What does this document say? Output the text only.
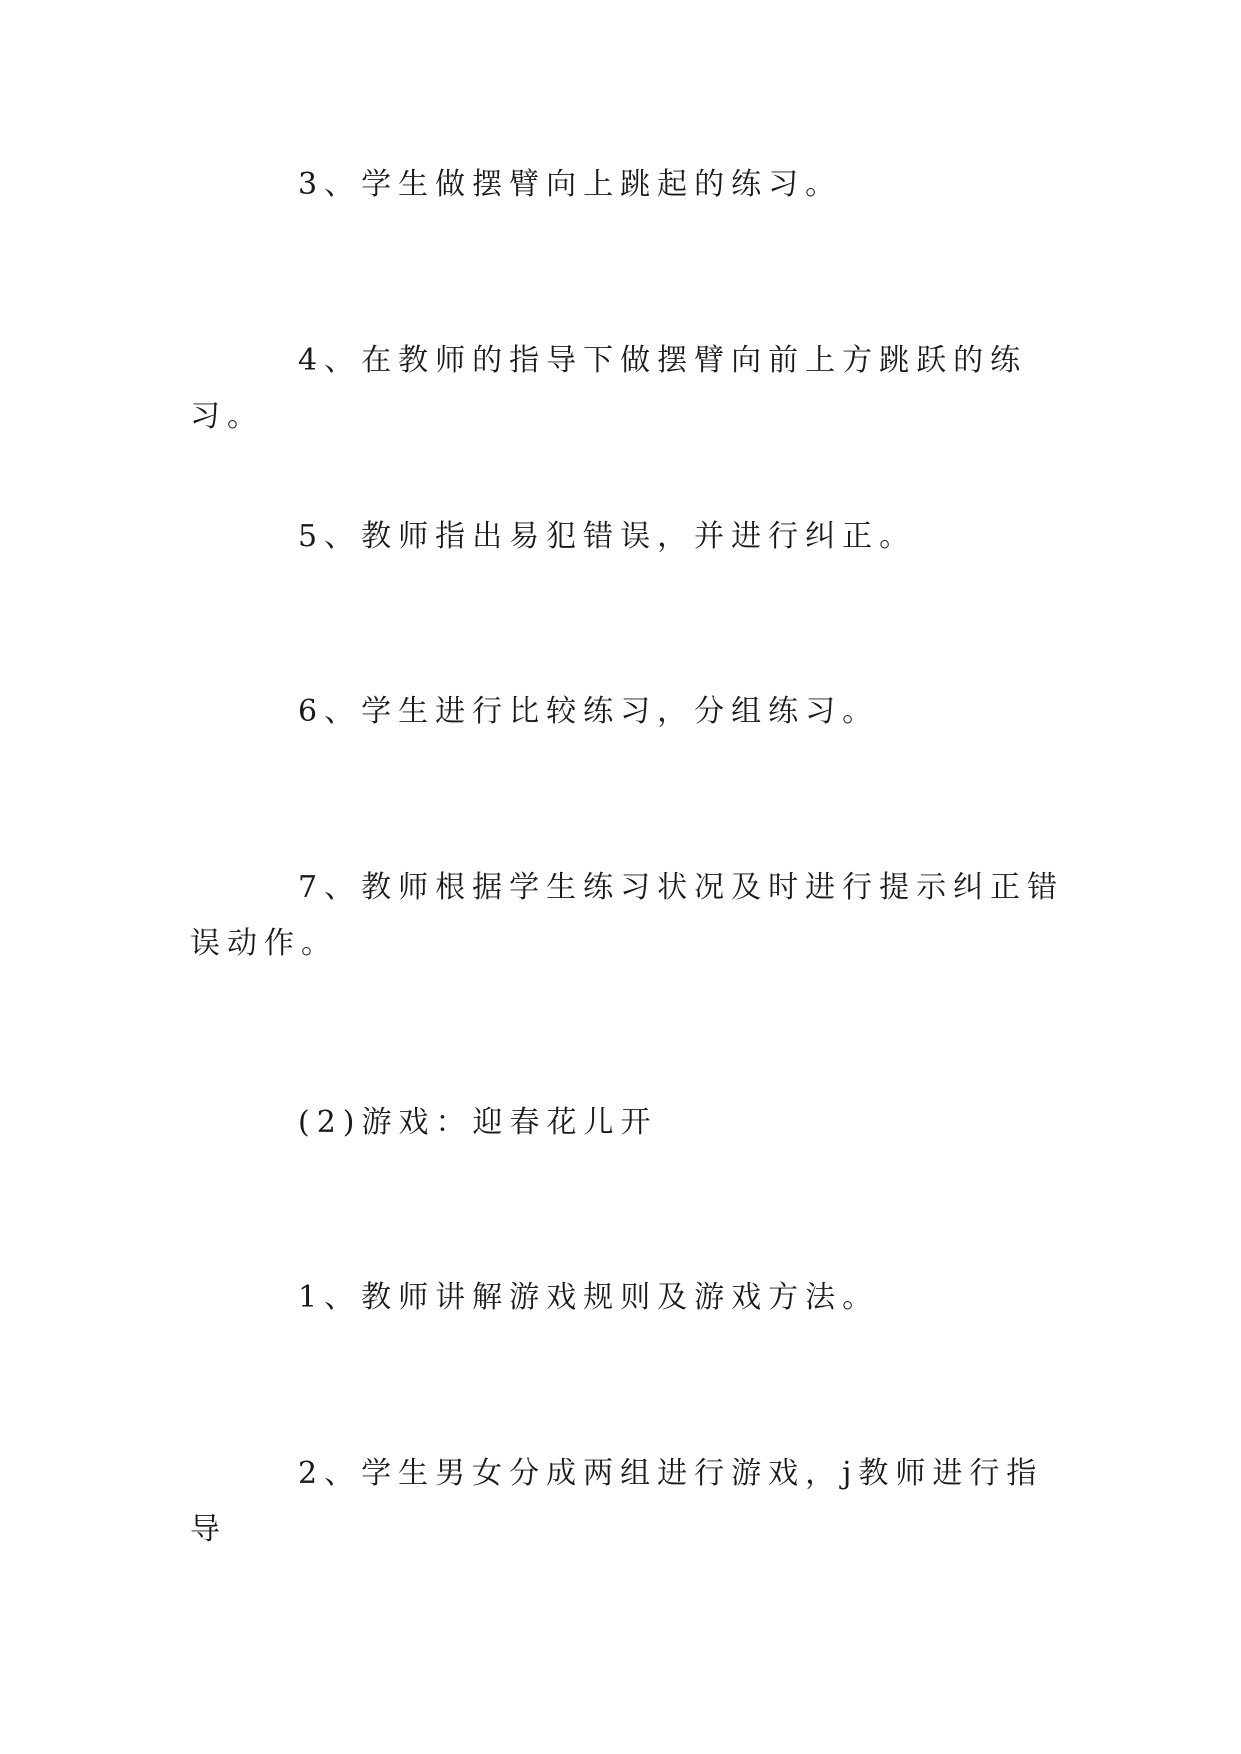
3、学生做摆臂向上跳起的练习。

4、在教师的指导下做摆臂向前上方跳跃的练习。

5、教师指出易犯错误，并进行纠正。

6、学生进行比较练习，分组练习。

7、教师根据学生练习状况及时进行提示纠正错误动作。

(2)游戏：迎春花儿开

1、教师讲解游戏规则及游戏方法。

2、学生男女分成两组进行游戏，j教师进行指导
